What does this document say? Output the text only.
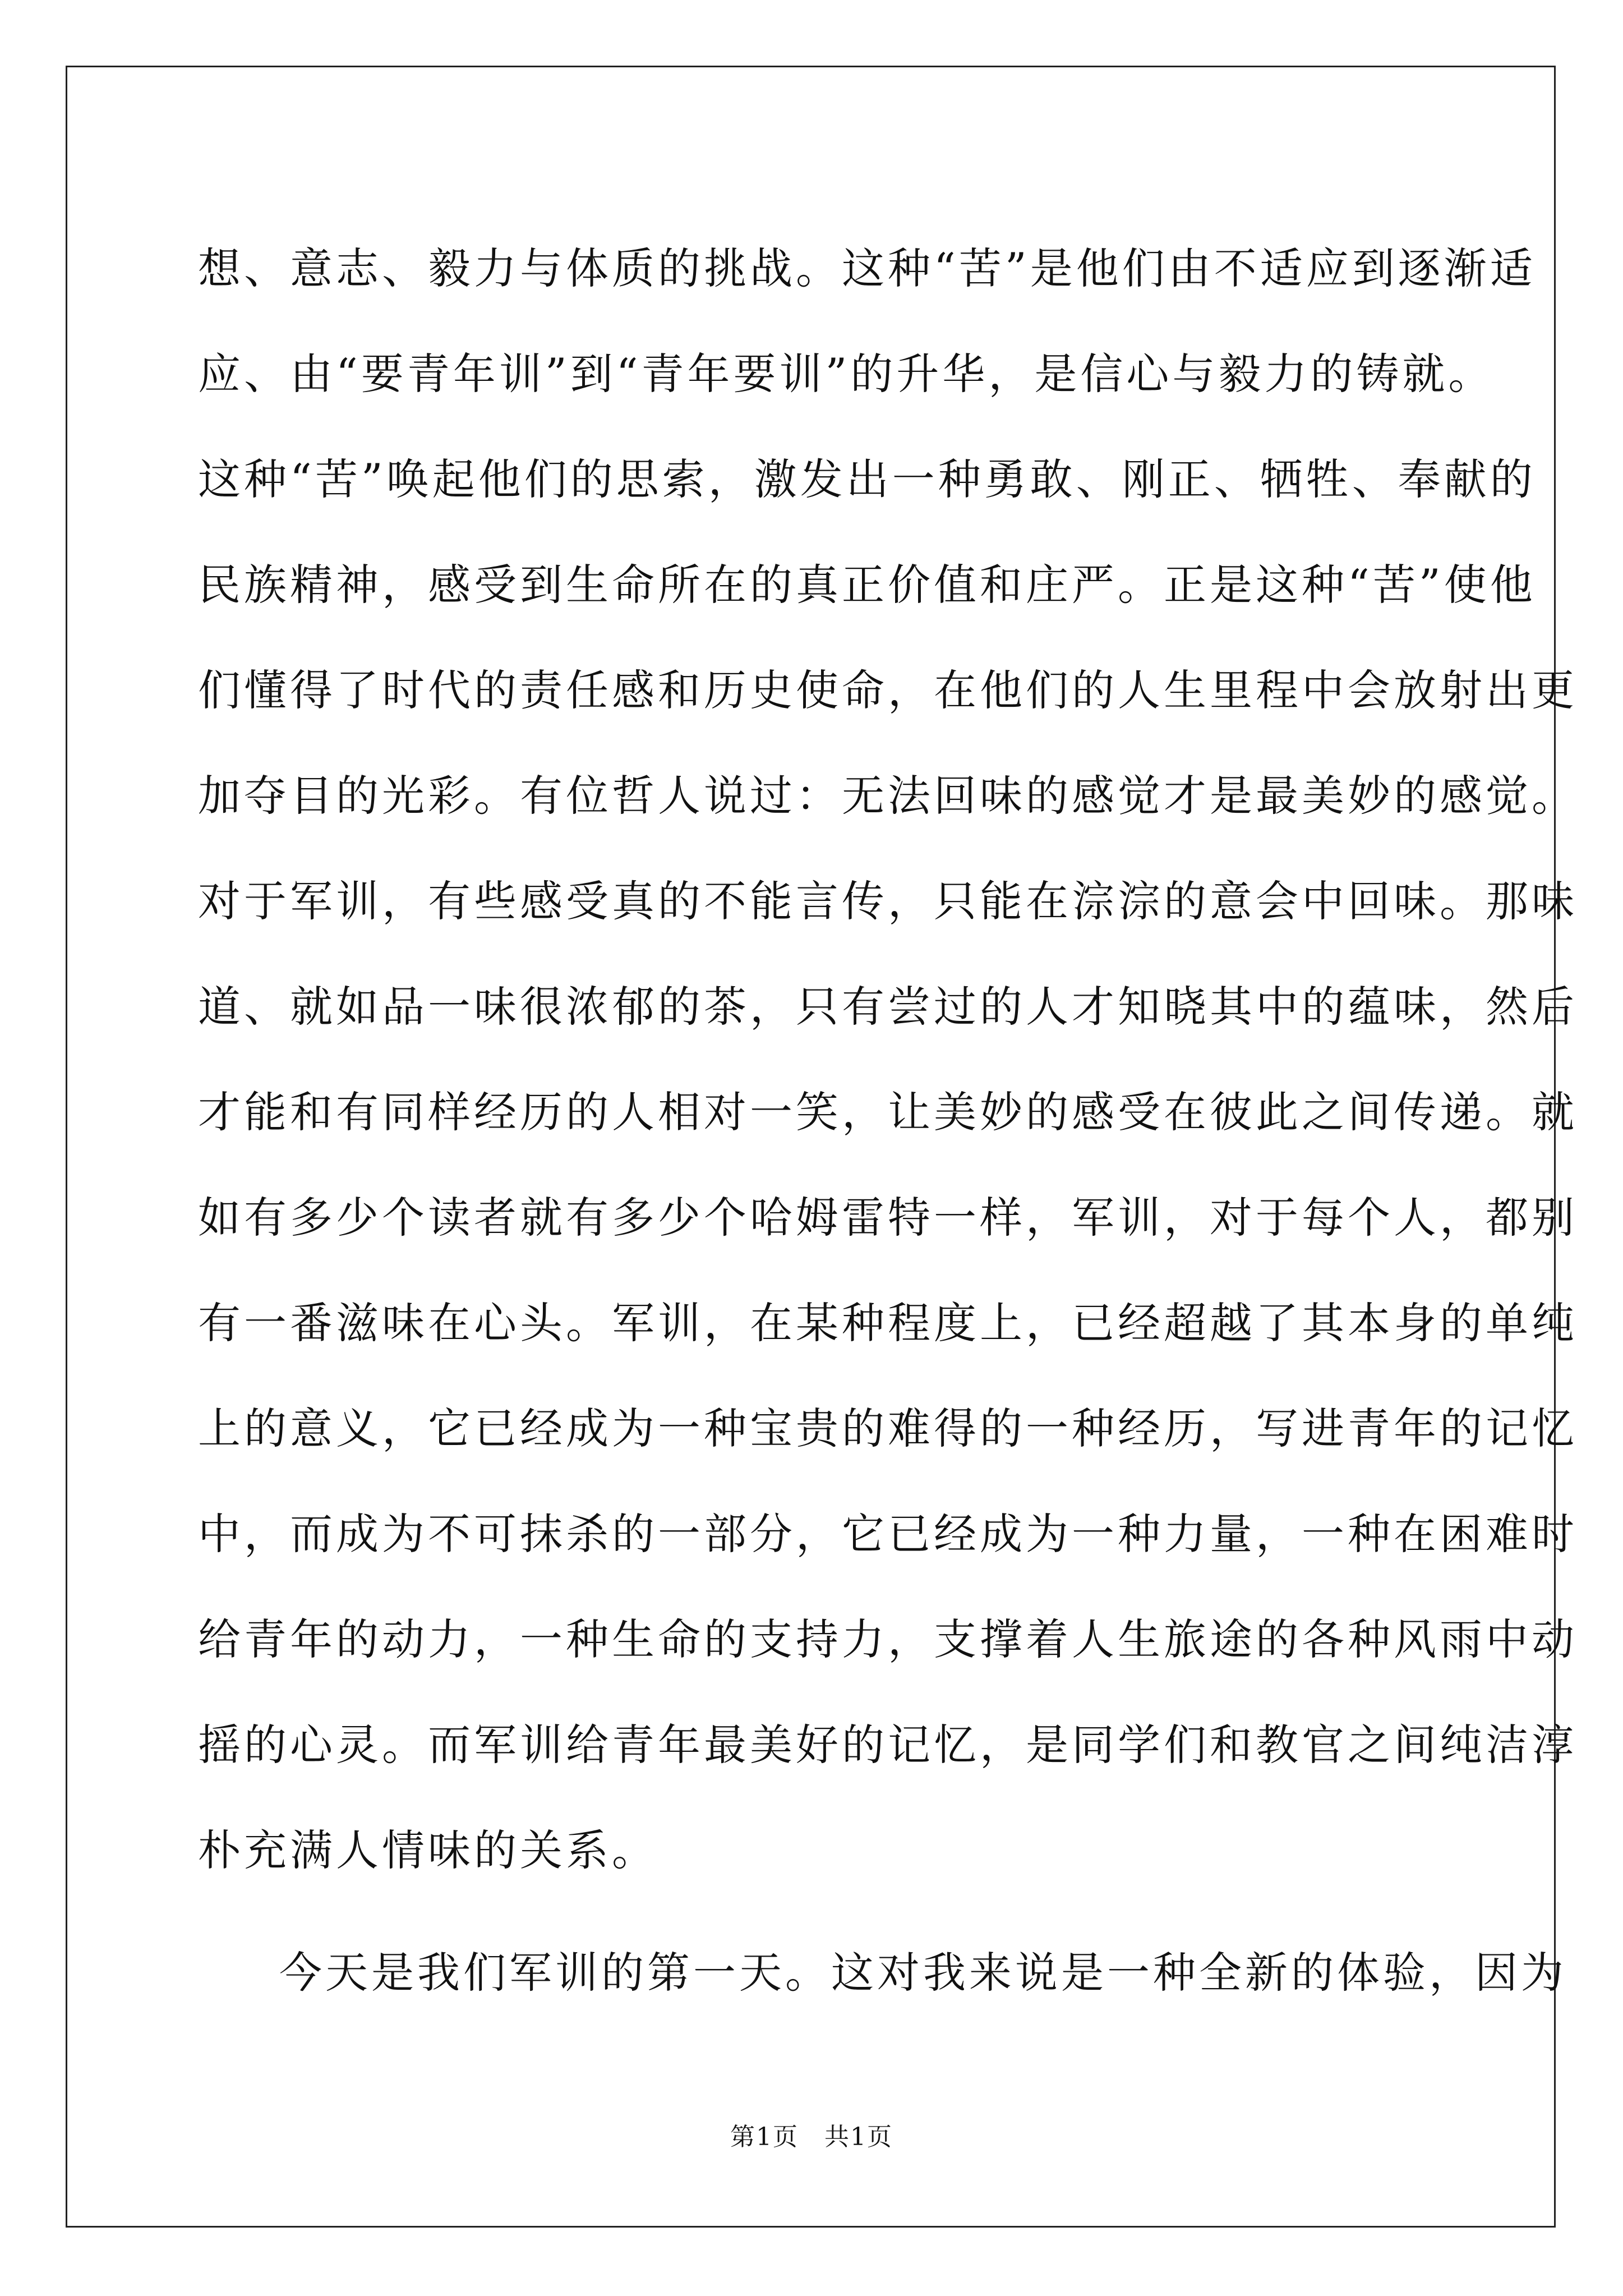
想、意志、毅力与体质的挑战。这种“苦”是他们由不适应到逐渐适
应、由“要青年训”到“青年要训”的升华，是信心与毅力的铸就。
这种“苦”唤起他们的思索，激发出一种勇敢、刚正、牺牲、奉献的
民族精神，感受到生命所在的真正价值和庄严。正是这种“苦”使他
们懂得了时代的责任感和历史使命，在他们的人生里程中会放射出更
加夺目的光彩。有位哲人说过：无法回味的感觉才是最美妙的感觉。
对于军训，有些感受真的不能言传，只能在淙淙的意会中回味。那味
道、就如品一味很浓郁的茶，只有尝过的人才知晓其中的蕴味，然后
才能和有同样经历的人相对一笑，让美妙的感受在彼此之间传递。就
如有多少个读者就有多少个哈姆雷特一样，军训，对于每个人，都别
有一番滋味在心头。军训，在某种程度上，已经超越了其本身的单纯
上的意义，它已经成为一种宝贵的难得的一种经历，写进青年的记忆
中，而成为不可抹杀的一部分，它已经成为一种力量，一种在困难时
给青年的动力，一种生命的支持力，支撑着人生旅途的各种风雨中动
摇的心灵。而军训给青年最美好的记忆，是同学们和教官之间纯洁淳
朴充满人情味的关系。
今天是我们军训的第一天。这对我来说是一种全新的体验，因为
第1页　共1页
